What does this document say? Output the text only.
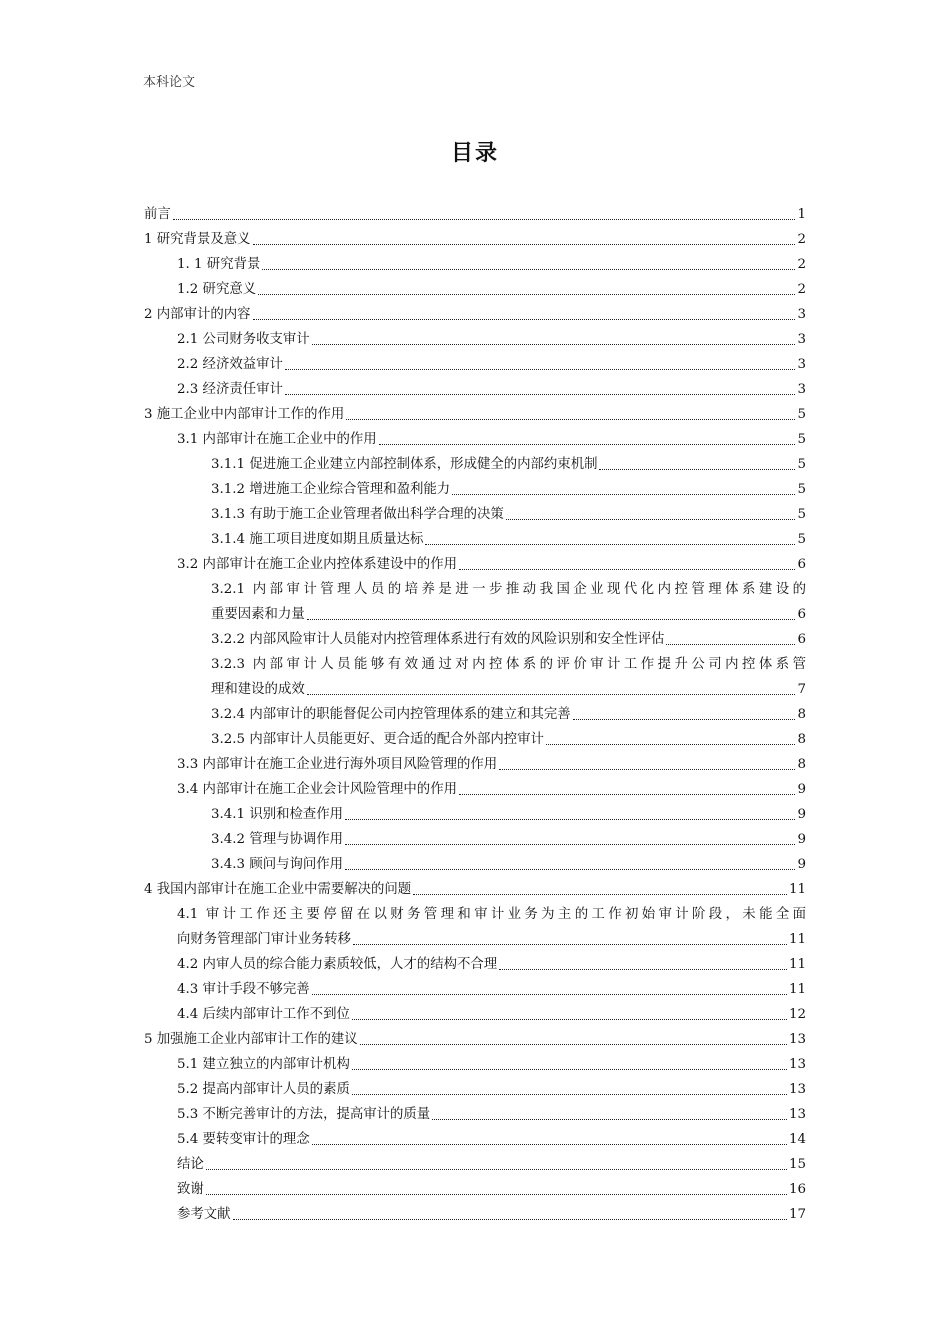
本科论文
目录
前言	1
1 研究背景及意义	2
1. 1 研究背景	2
1.2 研究意义	2
2 内部审计的内容	3
2.1 公司财务收支审计	3
2.2 经济效益审计	3
2.3 经济责任审计	3
3 施工企业中内部审计工作的作用	5
3.1 内部审计在施工企业中的作用	5
3.1.1 促进施工企业建立内部控制体系，形成健全的内部约束机制	5
3.1.2 增进施工企业综合管理和盈利能力	5
3.1.3 有助于施工企业管理者做出科学合理的决策	5
3.1.4 施工项目进度如期且质量达标	5
3.2 内部审计在施工企业内控体系建设中的作用	6
3.2.1 内部审计管理人员的培养是进一步推动我国企业现代化内控管理体系建设的
重要因素和力量	6
3.2.2 内部风险审计人员能对内控管理体系进行有效的风险识别和安全性评估	6
3.2.3 内部审计人员能够有效通过对内控体系的评价审计工作提升公司内控体系管
理和建设的成效	7
3.2.4 内部审计的职能督促公司内控管理体系的建立和其完善	8
3.2.5 内部审计人员能更好、更合适的配合外部内控审计	8
3.3 内部审计在施工企业进行海外项目风险管理的作用	8
3.4 内部审计在施工企业会计风险管理中的作用	9
3.4.1 识别和检查作用	9
3.4.2 管理与协调作用	9
3.4.3 顾问与询问作用	9
4 我国内部审计在施工企业中需要解决的问题	11
4.1 审计工作还主要停留在以财务管理和审计业务为主的工作初始审计阶段，未能全面
向财务管理部门审计业务转移	11
4.2 内审人员的综合能力素质较低，人才的结构不合理	11
4.3 审计手段不够完善	11
4.4 后续内部审计工作不到位	12
5 加强施工企业内部审计工作的建议	13
5.1 建立独立的内部审计机构	13
5.2 提高内部审计人员的素质	13
5.3 不断完善审计的方法，提高审计的质量	13
5.4 要转变审计的理念	14
结论	15
致谢	16
参考文献	17
